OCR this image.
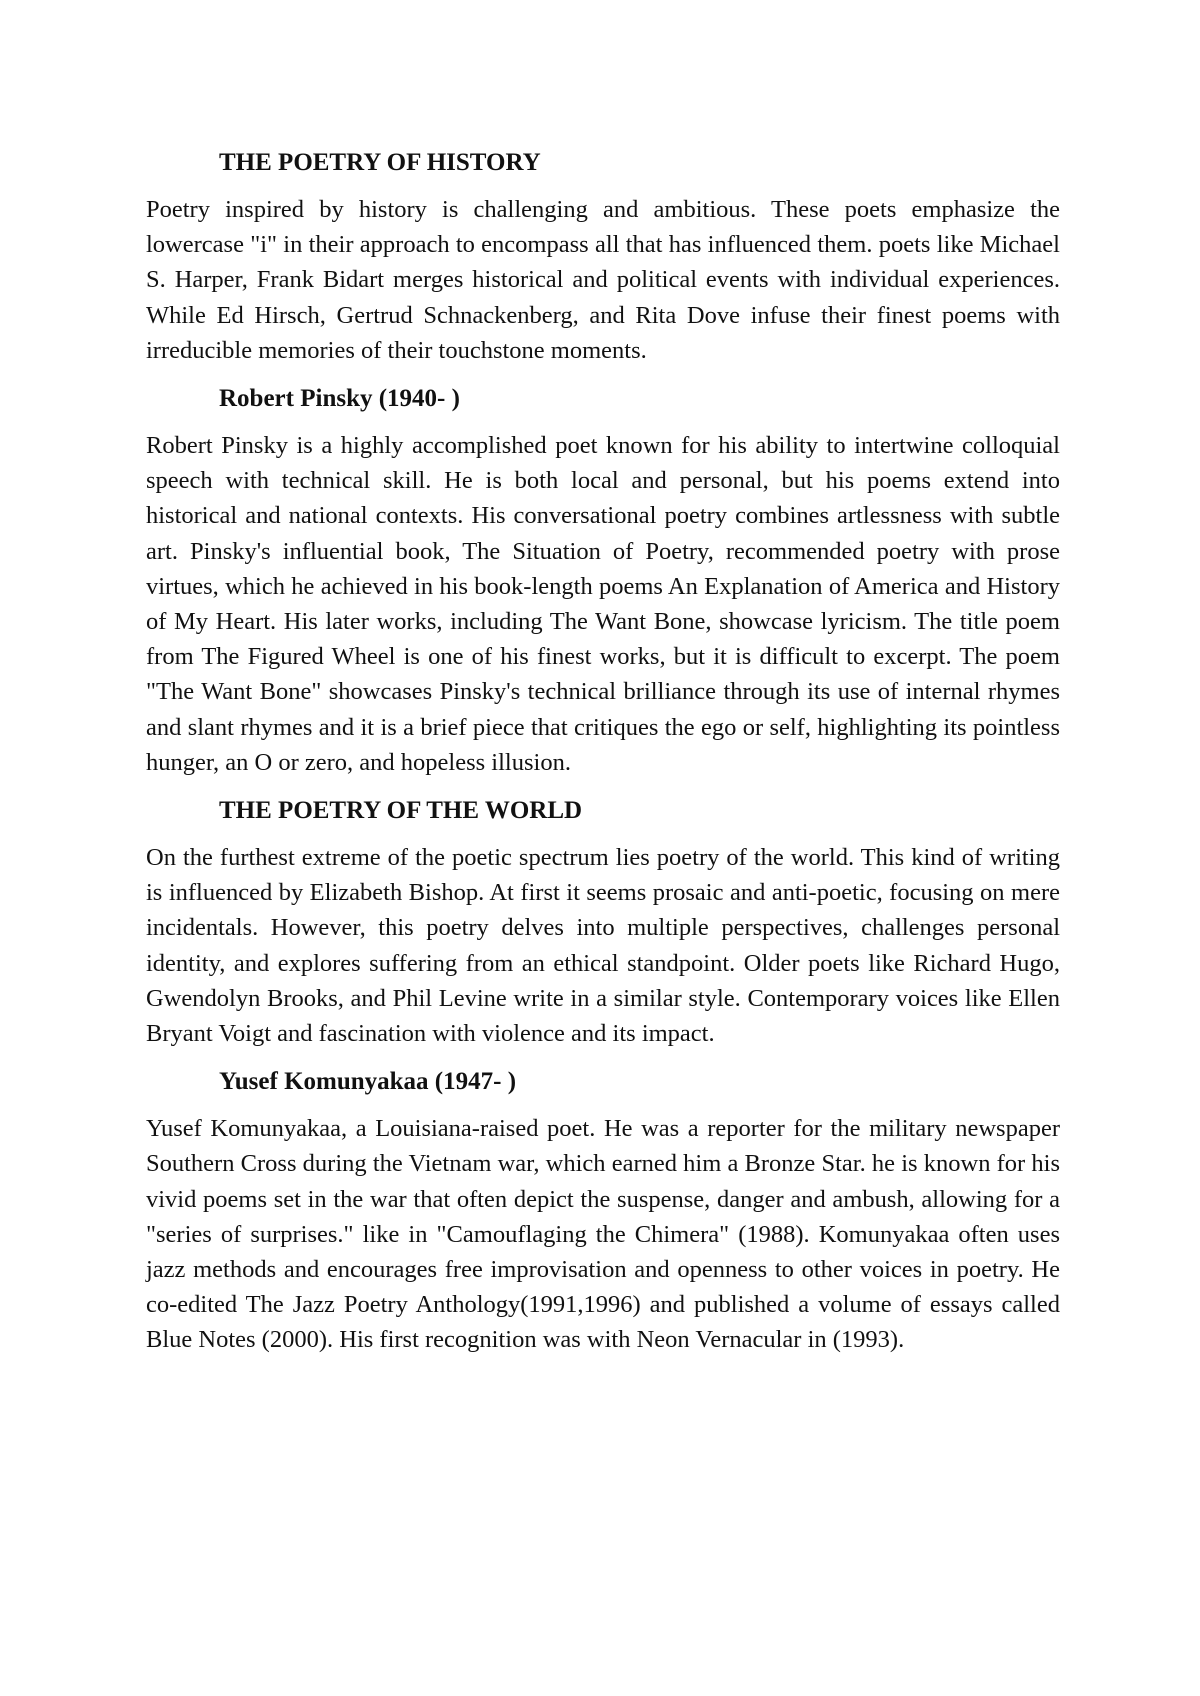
THE POETRY OF HISTORY

Poetry inspired by history is challenging and ambitious. These poets emphasize the lowercase "i" in their approach to encompass all that has influenced them. poets like Michael S. Harper, Frank Bidart merges historical and political events with individual experiences. While Ed Hirsch, Gertrud Schnackenberg, and Rita Dove infuse their finest poems with irreducible memories of their touchstone moments.

Robert Pinsky (1940- )

Robert Pinsky is a highly accomplished poet known for his ability to intertwine colloquial speech with technical skill. He is both local and personal, but his poems extend into historical and national contexts. His conversational poetry combines artlessness with subtle art. Pinsky's influential book, The Situation of Poetry, recommended poetry with prose virtues, which he achieved in his book-length poems An Explanation of America and History of My Heart. His later works, including The Want Bone, showcase lyricism. The title poem from The Figured Wheel is one of his finest works, but it is difficult to excerpt. The poem "The Want Bone" showcases Pinsky's technical brilliance through its use of internal rhymes and slant rhymes and it is a brief piece that critiques the ego or self, highlighting its pointless hunger, an O or zero, and hopeless illusion.

THE POETRY OF THE WORLD

On the furthest extreme of the poetic spectrum lies poetry of the world. This kind of writing is influenced by Elizabeth Bishop. At first it seems prosaic and anti-poetic, focusing on mere incidentals. However, this poetry delves into multiple perspectives, challenges personal identity, and explores suffering from an ethical standpoint. Older poets like Richard Hugo, Gwendolyn Brooks, and Phil Levine write in a similar style. Contemporary voices like Ellen Bryant Voigt and fascination with violence and its impact.

Yusef Komunyakaa (1947- )

Yusef Komunyakaa, a Louisiana-raised poet. He was a reporter for the military newspaper Southern Cross during the Vietnam war, which earned him a Bronze Star. he is known for his vivid poems set in the war that often depict the suspense, danger and ambush, allowing for a "series of surprises." like in "Camouflaging the Chimera" (1988). Komunyakaa often uses jazz methods and encourages free improvisation and openness to other voices in poetry. He co-edited The Jazz Poetry Anthology(1991,1996) and published a volume of essays called Blue Notes (2000). His first recognition was with Neon Vernacular in (1993).
